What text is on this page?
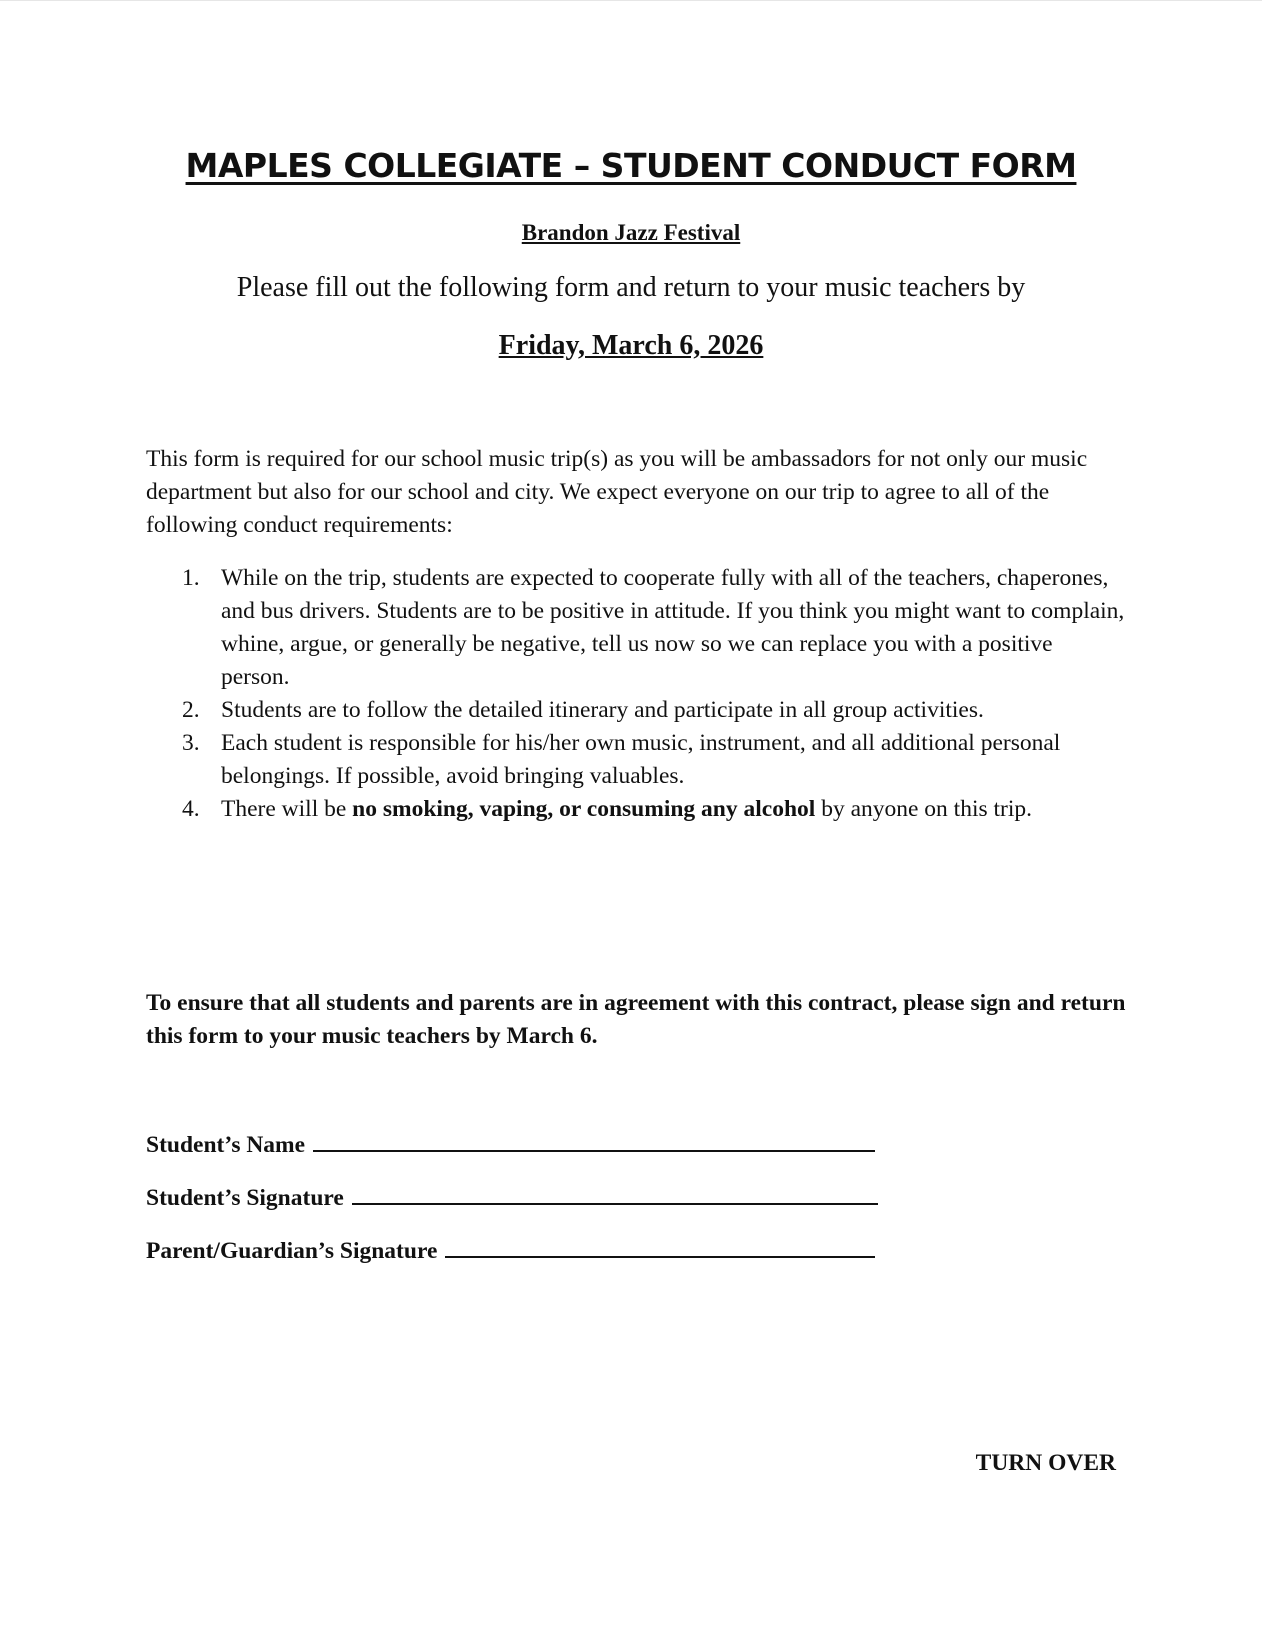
MAPLES COLLEGIATE – STUDENT CONDUCT FORM
Brandon Jazz Festival
Please fill out the following form and return to your music teachers by
Friday, March 6, 2026

This form is required for our school music trip(s) as you will be ambassadors for not only our music department but also for our school and city. We expect everyone on our trip to agree to all of the following conduct requirements:

1. While on the trip, students are expected to cooperate fully with all of the teachers, chaperones, and bus drivers. Students are to be positive in attitude. If you think you might want to complain, whine, argue, or generally be negative, tell us now so we can replace you with a positive person.
2. Students are to follow the detailed itinerary and participate in all group activities.
3. Each student is responsible for his/her own music, instrument, and all additional personal belongings. If possible, avoid bringing valuables.
4. There will be no smoking, vaping, or consuming any alcohol by anyone on this trip.

To ensure that all students and parents are in agreement with this contract, please sign and return this form to your music teachers by March 6.

Student’s Name
Student’s Signature
Parent/Guardian’s Signature
TURN OVER
